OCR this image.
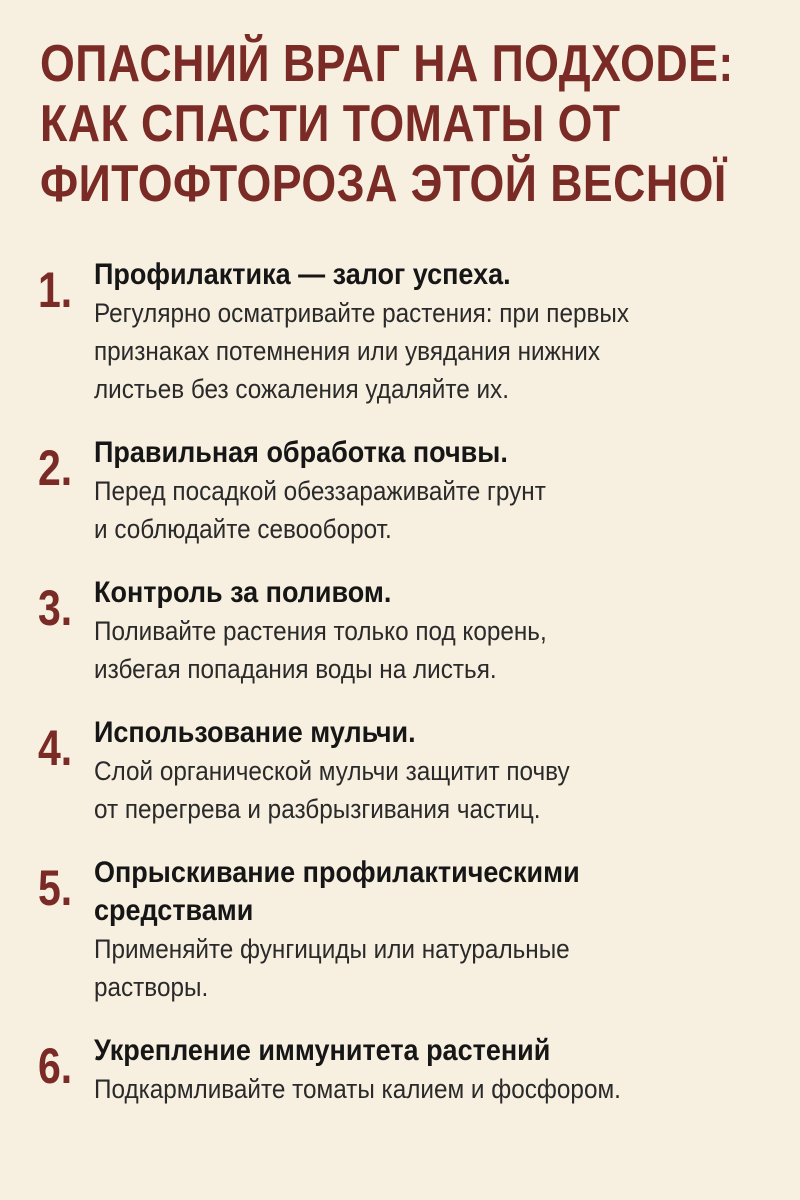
ОПАСНИЙ ВРАГ НА ПОДХОDE:
КАК СПАСТИ ТОМАТЫ ОТ
ФИТОФТОРОЗА ЭТОЙ ВЕСНОЇ
1. Профилактика — залог успеха.

Регулярно осматривайте растения: при первых
признаках потемнения или увядания нижних
листьев без сожаления удаляйте их.

2. Правильная обработка почвы.

Перед посадкой обеззараживайте грунт
и соблюдайте севооборот.

3. Контроль за поливом.

Поливайте растения только под корень,
избегая попадания воды на листья.

4. Использование мульчи.

Слой органической мульчи защитит почву
от перегрева и разбрызгивания частиц.

5. Опрыскивание профилактическими средствами

Применяйте фунгициды или натуральные
растворы.

6. Укрепление иммунитета растений

Подкармливайте томаты калием и фосфором.
